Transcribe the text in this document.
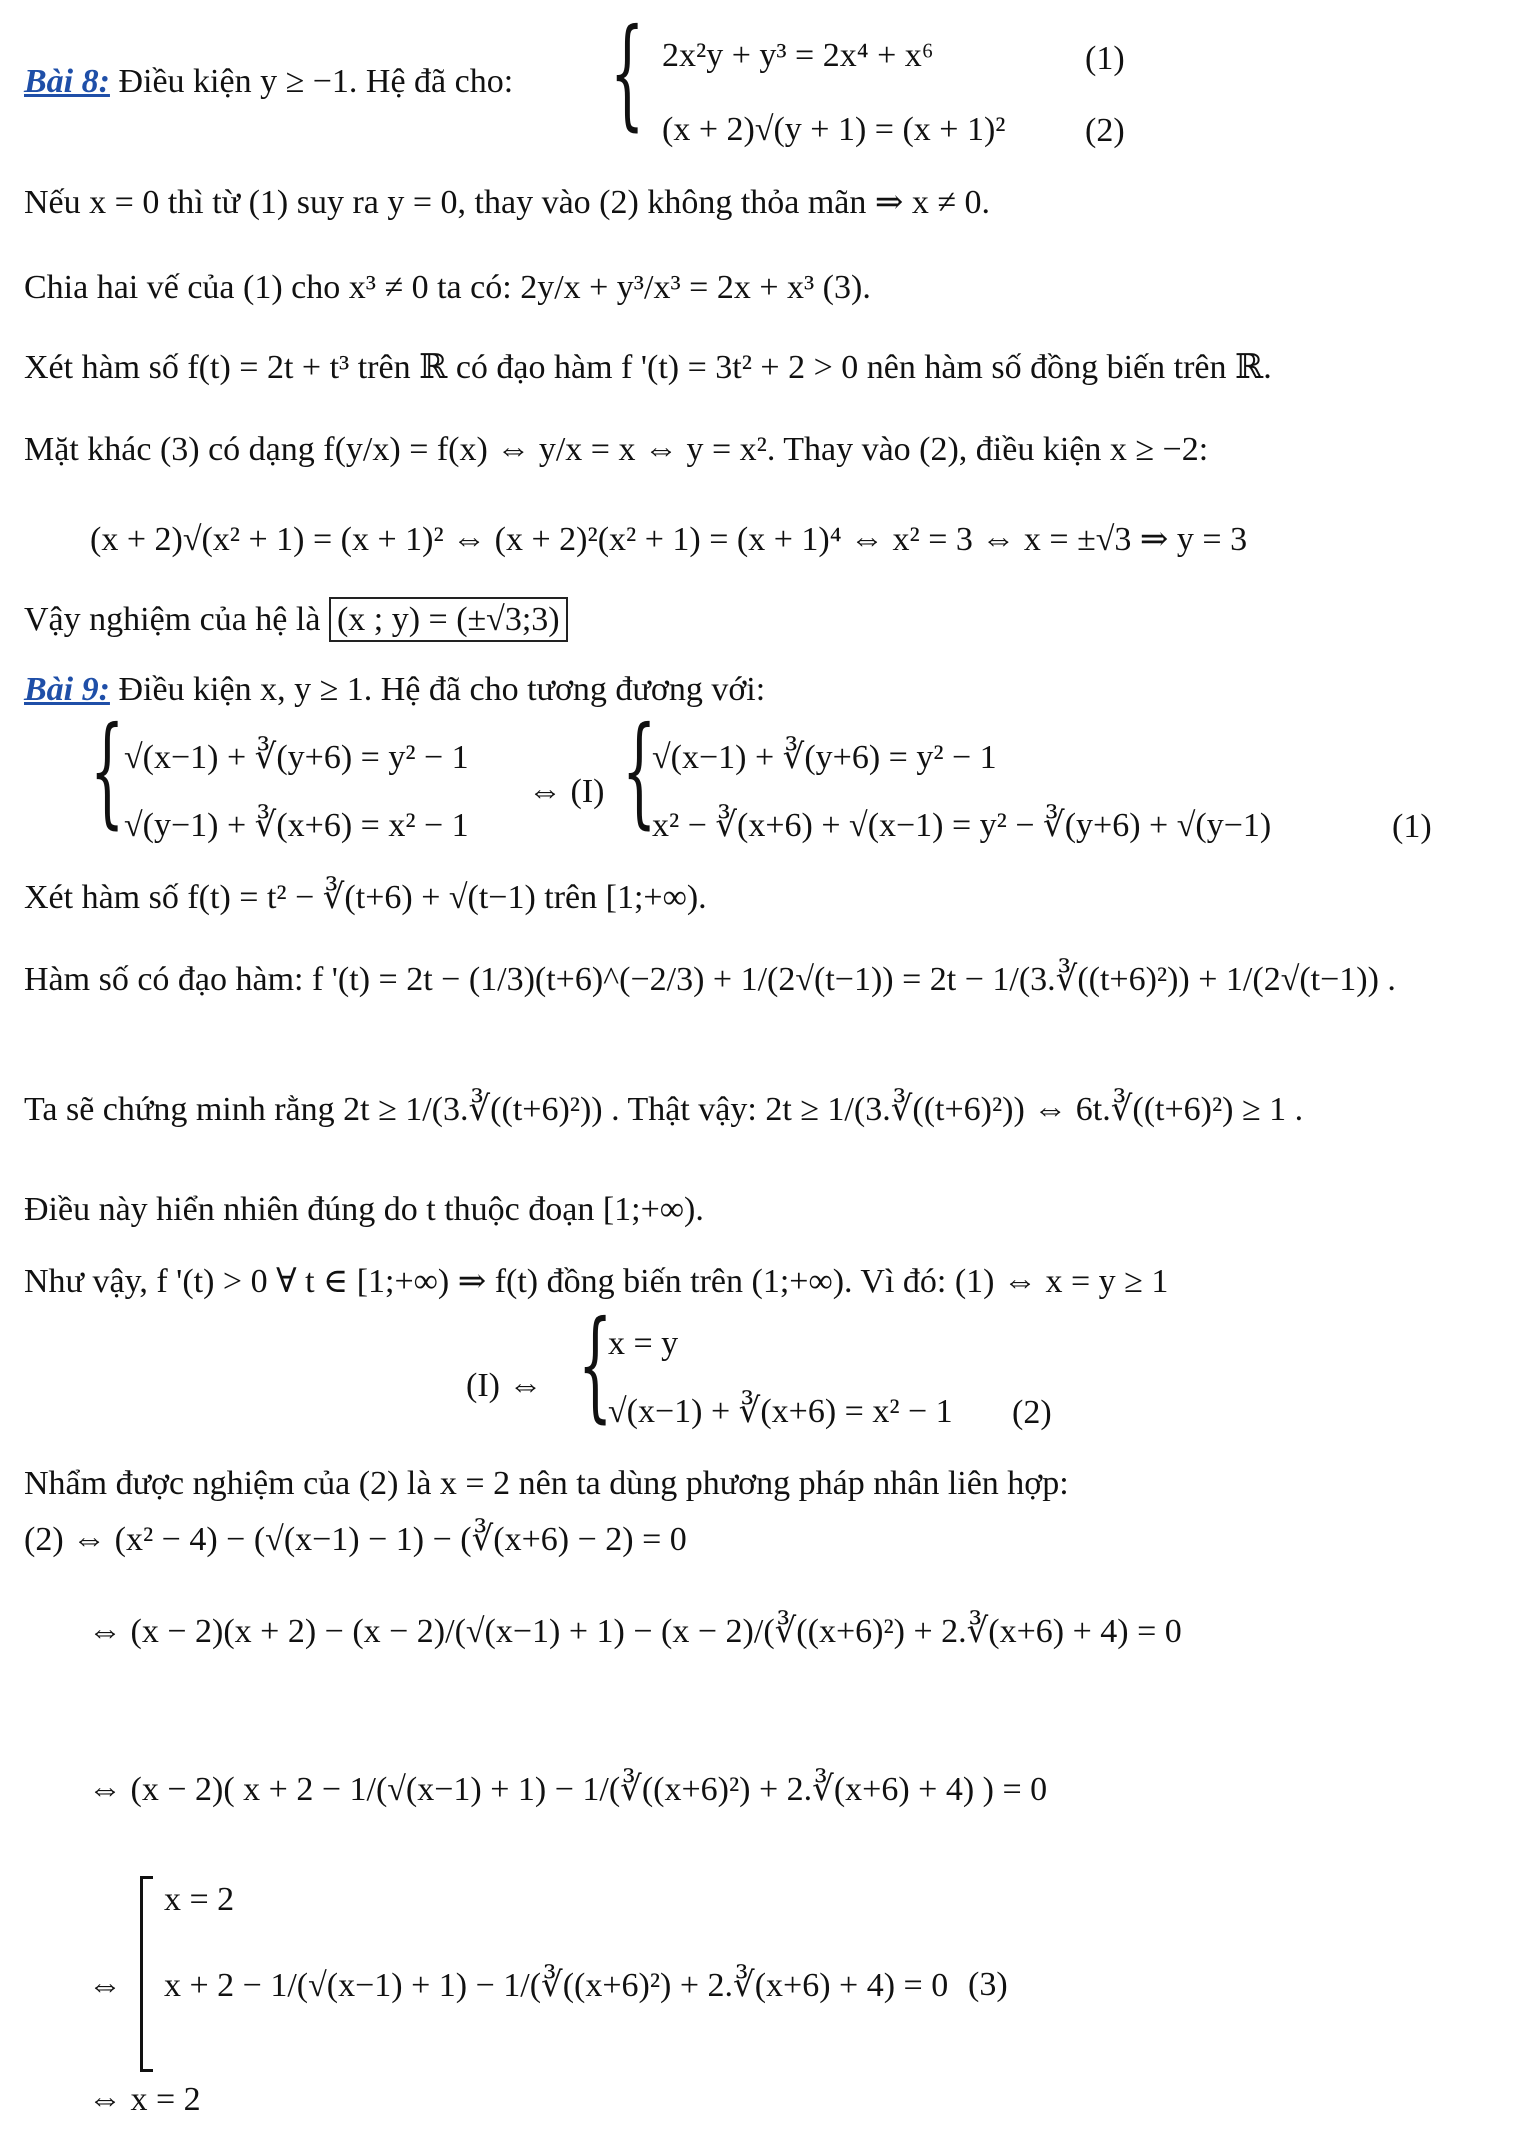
Bài 8: Điều kiện y ≥ −1. Hệ đã cho: { 2x²y + y³ = 2x⁴ + x⁶	(1)
(x + 2)√(y + 1) = (x + 1)² (2)
Nếu x = 0 thì từ (1) suy ra y = 0, thay vào (2) không thỏa mãn ⇒ x ≠ 0.
Chia hai vế của (1) cho x³ ≠ 0 ta có: 2y/x + y³/x³ = 2x + x³ (3).
Xét hàm số f(t) = 2t + t³ trên ℝ có đạo hàm f '(t) = 3t² + 2 > 0 nên hàm số đồng biến trên ℝ.
Mặt khác (3) có dạng f(y/x) = f(x) ⇔ y/x = x ⇔ y = x². Thay vào (2), điều kiện x ≥ −2:
(x + 2)√(x² + 1) = (x + 1)² ⇔ (x + 2)²(x² + 1) = (x + 1)⁴ ⇔ x² = 3 ⇔ x = ±√3 ⇒ y = 3
Vậy nghiệm của hệ là (x ; y) = (±√3;3)
Bài 9: Điều kiện x, y ≥ 1. Hệ đã cho tương đương với:
{ √(x−1) + ∛(y+6) = y² − 1
√(y−1) + ∛(x+6) = x² − 1
⇔ (I) {
√(x−1) + ∛(y+6) = y² − 1
x² − ∛(x+6) + √(x−1) = y² − ∛(y+6) + √(y−1)	(1)
Xét hàm số f(t) = t² − ∛(t+6) + √(t−1) trên [1;+∞).
Hàm số có đạo hàm: f '(t) = 2t − (1/3)(t+6)^(−2/3) + 1/(2√(t−1)) = 2t − 1/(3.∛((t+6)²)) + 1/(2√(t−1)) .
Ta sẽ chứng minh rằng 2t ≥ 1/(3.∛((t+6)²)) . Thật vậy: 2t ≥ 1/(3.∛((t+6)²)) ⇔ 6t.∛((t+6)²) ≥ 1 .
Điều này hiển nhiên đúng do t thuộc đoạn [1;+∞).
Như vậy, f '(t) > 0 ∀ t ∈ [1;+∞) ⇒ f(t) đồng biến trên (1;+∞). Vì đó: (1) ⇔ x = y ≥ 1
(I) ⇔ {
x = y
√(x−1) + ∛(x+6) = x² − 1 (2)
Nhẩm được nghiệm của (2) là x = 2 nên ta dùng phương pháp nhân liên hợp:
(2) ⇔ (x² − 4) − (√(x−1) − 1) − (∛(x+6) − 2) = 0
⇔ (x − 2)(x + 2) − (x − 2)/(√(x−1) + 1) − (x − 2)/(∛((x+6)²) + 2.∛(x+6) + 4) = 0
⇔ (x − 2)( x + 2 − 1/(√(x−1) + 1) − 1/(∛((x+6)²) + 2.∛(x+6) + 4) ) = 0
⇔
x = 2
x + 2 − 1/(√(x−1) + 1) − 1/(∛((x+6)²) + 2.∛(x+6) + 4) = 0 (3)
⇔ x = 2
